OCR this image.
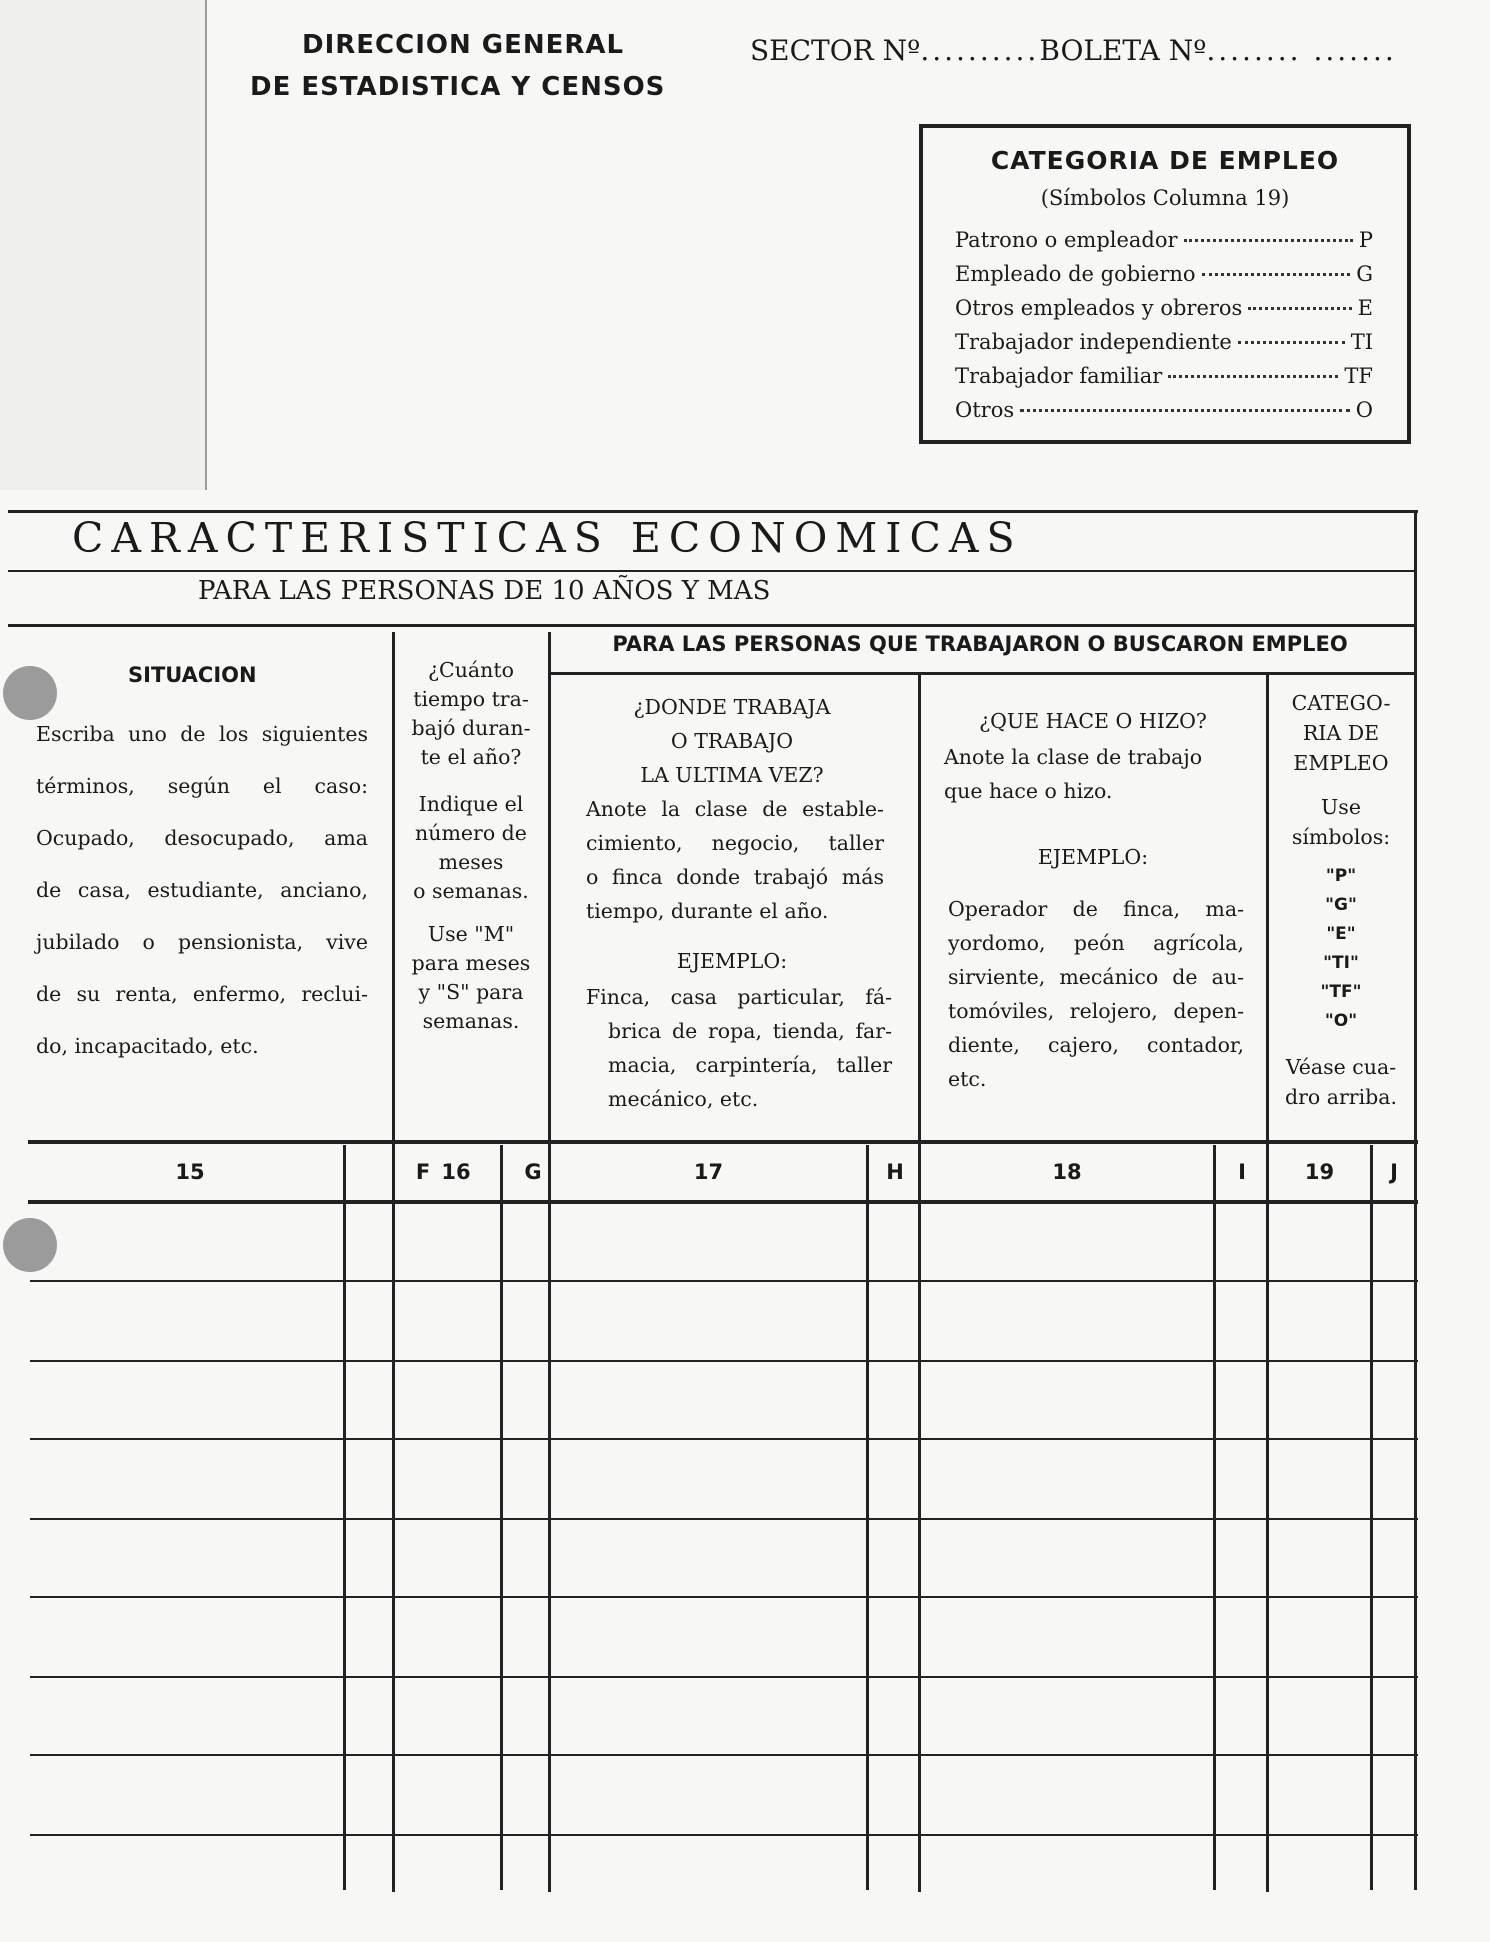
DIRECCION GENERAL
DE ESTADISTICA Y CENSOS
SECTOR Nº..........BOLETA Nº........ .......
CATEGORIA DE EMPLEO
(Símbolos Columna 19)
Patrono o empleador	P
Empleado de gobierno	G
Otros empleados y obreros	E
Trabajador independiente	TI
Trabajador familiar	TF
Otros	O
CARACTERISTICAS ECONOMICAS
PARA LAS PERSONAS DE 10 AÑOS Y MAS
PARA LAS PERSONAS QUE TRABAJARON O BUSCARON EMPLEO
SITUACION
Escriba uno de los siguientes
términos, según el caso:
Ocupado, desocupado, ama
de casa, estudiante, anciano,
jubilado o pensionista, vive
de su renta, enfermo, reclui-
do, incapacitado, etc.
¿Cuánto
tiempo tra-
bajó duran-
te el año?
Indique el
número de
meses
o semanas.
Use "M"
para meses
y "S" para
semanas.
¿DONDE TRABAJA
O TRABAJO
LA ULTIMA VEZ?
Anote la clase de estable-
cimiento, negocio, taller
o finca donde trabajó más
tiempo, durante el año.
EJEMPLO:
Finca, casa particular, fá-
brica de ropa, tienda, far-
macia, carpintería, taller
mecánico, etc.
¿QUE HACE O HIZO?
Anote la clase de trabajo
que hace o hizo.
EJEMPLO:
Operador de finca, ma-
yordomo, peón agrícola,
sirviente, mecánico de au-
tomóviles, relojero, depen-
diente, cajero, contador,
etc.
CATEGO-
RIA DE
EMPLEO
Use
símbolos:
"P"
"G"
"E"
"TI"
"TF"
"O"
Véase cua-
dro arriba.
15	F 16	G	17	H	18	I	19	J
